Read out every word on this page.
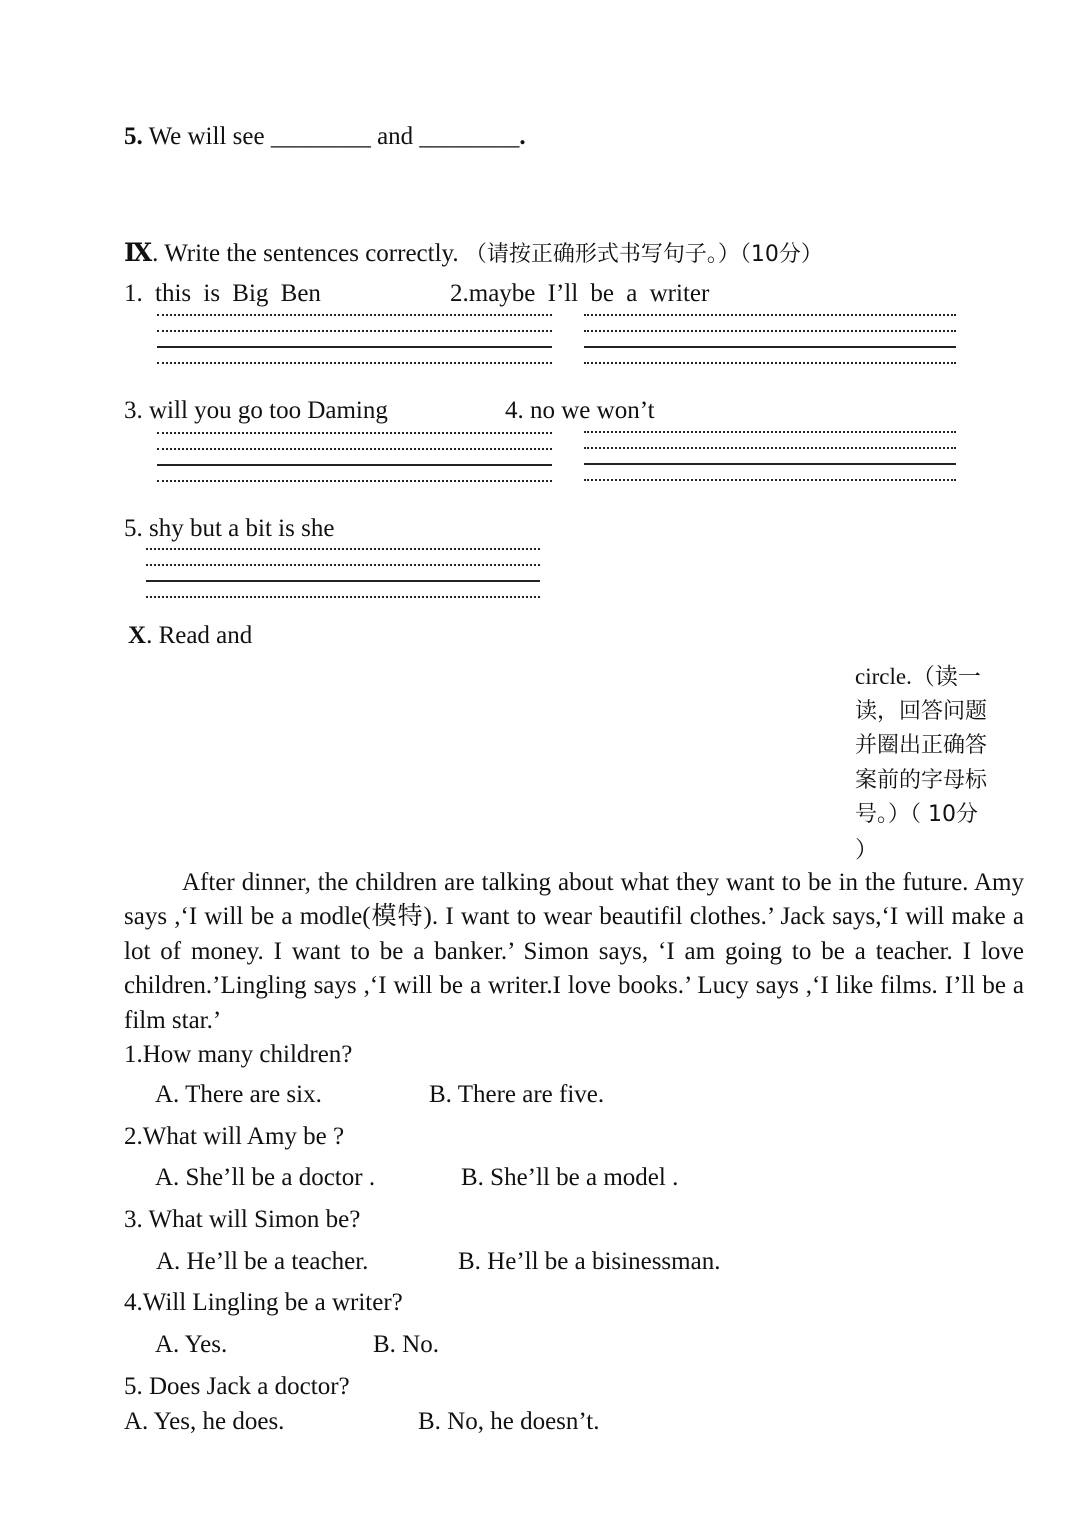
5. We will see ________ and ________.
Ⅸ. Write the sentences correctly. （请按正确形式书写句子。）（10分）
1. this is Big Ben	2.maybe I’ll be a writer
3. will you go too Daming	4. no we won’t
5. shy but a bit is she
X. Read and
circle.（读一
读，回答问题
并圈出正确答
案前的字母标
号。）（ 10分
）
After dinner, the children are talking about what they want to be in the future. Amy says ,‘I will be a modle(模特). I want to wear beautifil clothes.’ Jack says,‘I will make a lot of money. I want to be a banker.’ Simon says, ‘I am going to be a teacher. I love children.’Lingling says ,‘I will be a writer.I love books.’ Lucy says ,‘I like films. I’ll be a film star.’
1.How many children?
A. There are six.	B. There are five.
2.What will Amy be ?
A. She’ll be a doctor .	B. She’ll be a model .
3. What will Simon be?
A. He’ll be a teacher.	B. He’ll be a bisinessman.
4.Will Lingling be a writer?
A. Yes.	B. No.
5. Does Jack a doctor?
A. Yes, he does.	B. No, he doesn’t.
